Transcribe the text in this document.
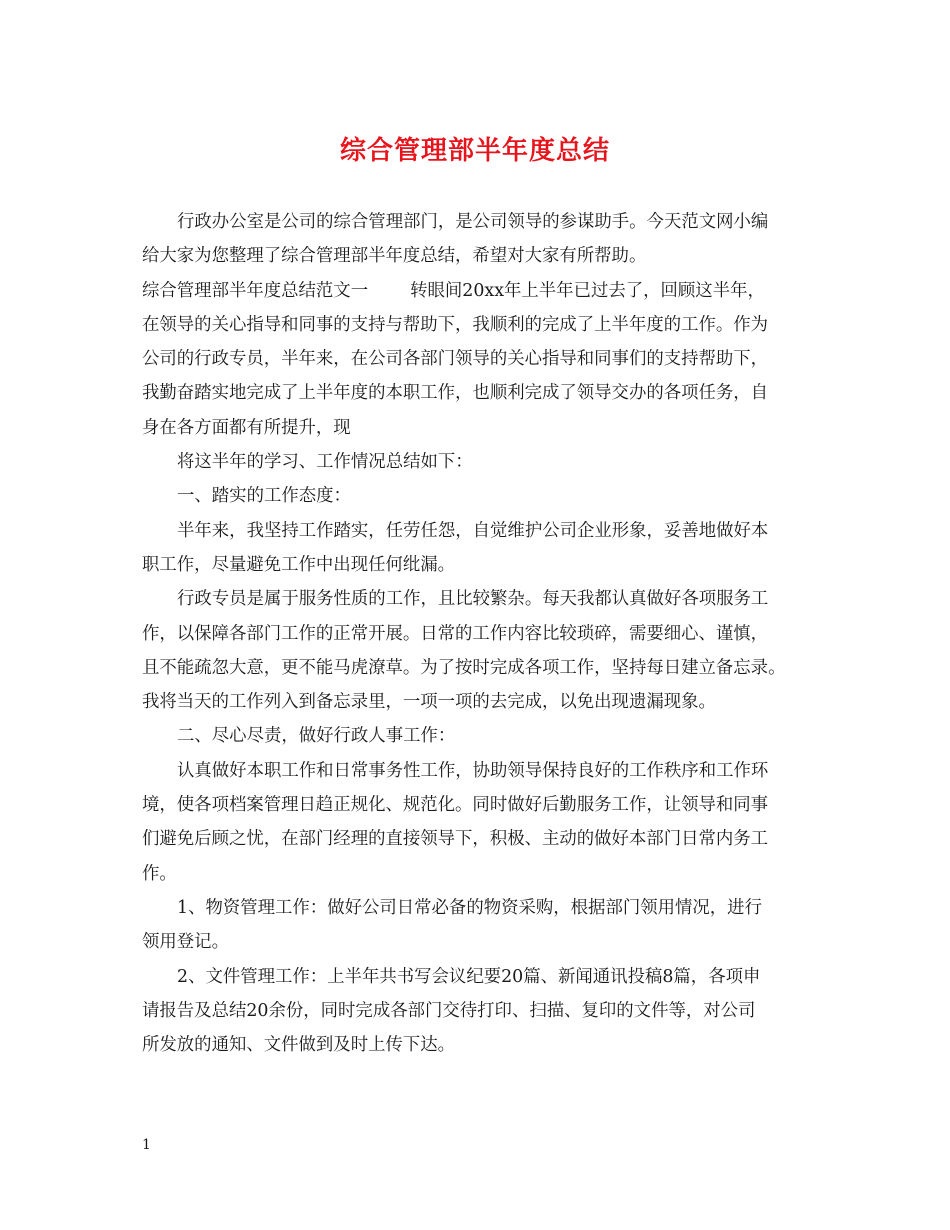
综合管理部半年度总结
行政办公室是公司的综合管理部门，是公司领导的参谋助手。今天范文网小编
给大家为您整理了综合管理部半年度总结，希望对大家有所帮助。
综合管理部半年度总结范文一 转眼间20xx年上半年已过去了，回顾这半年，
在领导的关心指导和同事的支持与帮助下，我顺利的完成了上半年度的工作。作为
公司的行政专员，半年来，在公司各部门领导的关心指导和同事们的支持帮助下，
我勤奋踏实地完成了上半年度的本职工作，也顺利完成了领导交办的各项任务，自
身在各方面都有所提升，现
将这半年的学习、工作情况总结如下：
一、踏实的工作态度：
半年来，我坚持工作踏实，任劳任怨，自觉维护公司企业形象，妥善地做好本
职工作，尽量避免工作中出现任何纰漏。
行政专员是属于服务性质的工作，且比较繁杂。每天我都认真做好各项服务工
作，以保障各部门工作的正常开展。日常的工作内容比较琐碎，需要细心、谨慎，
且不能疏忽大意，更不能马虎潦草。为了按时完成各项工作，坚持每日建立备忘录。
我将当天的工作列入到备忘录里，一项一项的去完成，以免出现遗漏现象。
二、尽心尽责，做好行政人事工作：
认真做好本职工作和日常事务性工作，协助领导保持良好的工作秩序和工作环
境，使各项档案管理日趋正规化、规范化。同时做好后勤服务工作，让领导和同事
们避免后顾之忧，在部门经理的直接领导下，积极、主动的做好本部门日常内务工
作。
1、物资管理工作：做好公司日常必备的物资采购，根据部门领用情况，进行
领用登记。
2、文件管理工作：上半年共书写会议纪要20篇、新闻通讯投稿8篇，各项申
请报告及总结20余份，同时完成各部门交待打印、扫描、复印的文件等，对公司
所发放的通知、文件做到及时上传下达。
1
